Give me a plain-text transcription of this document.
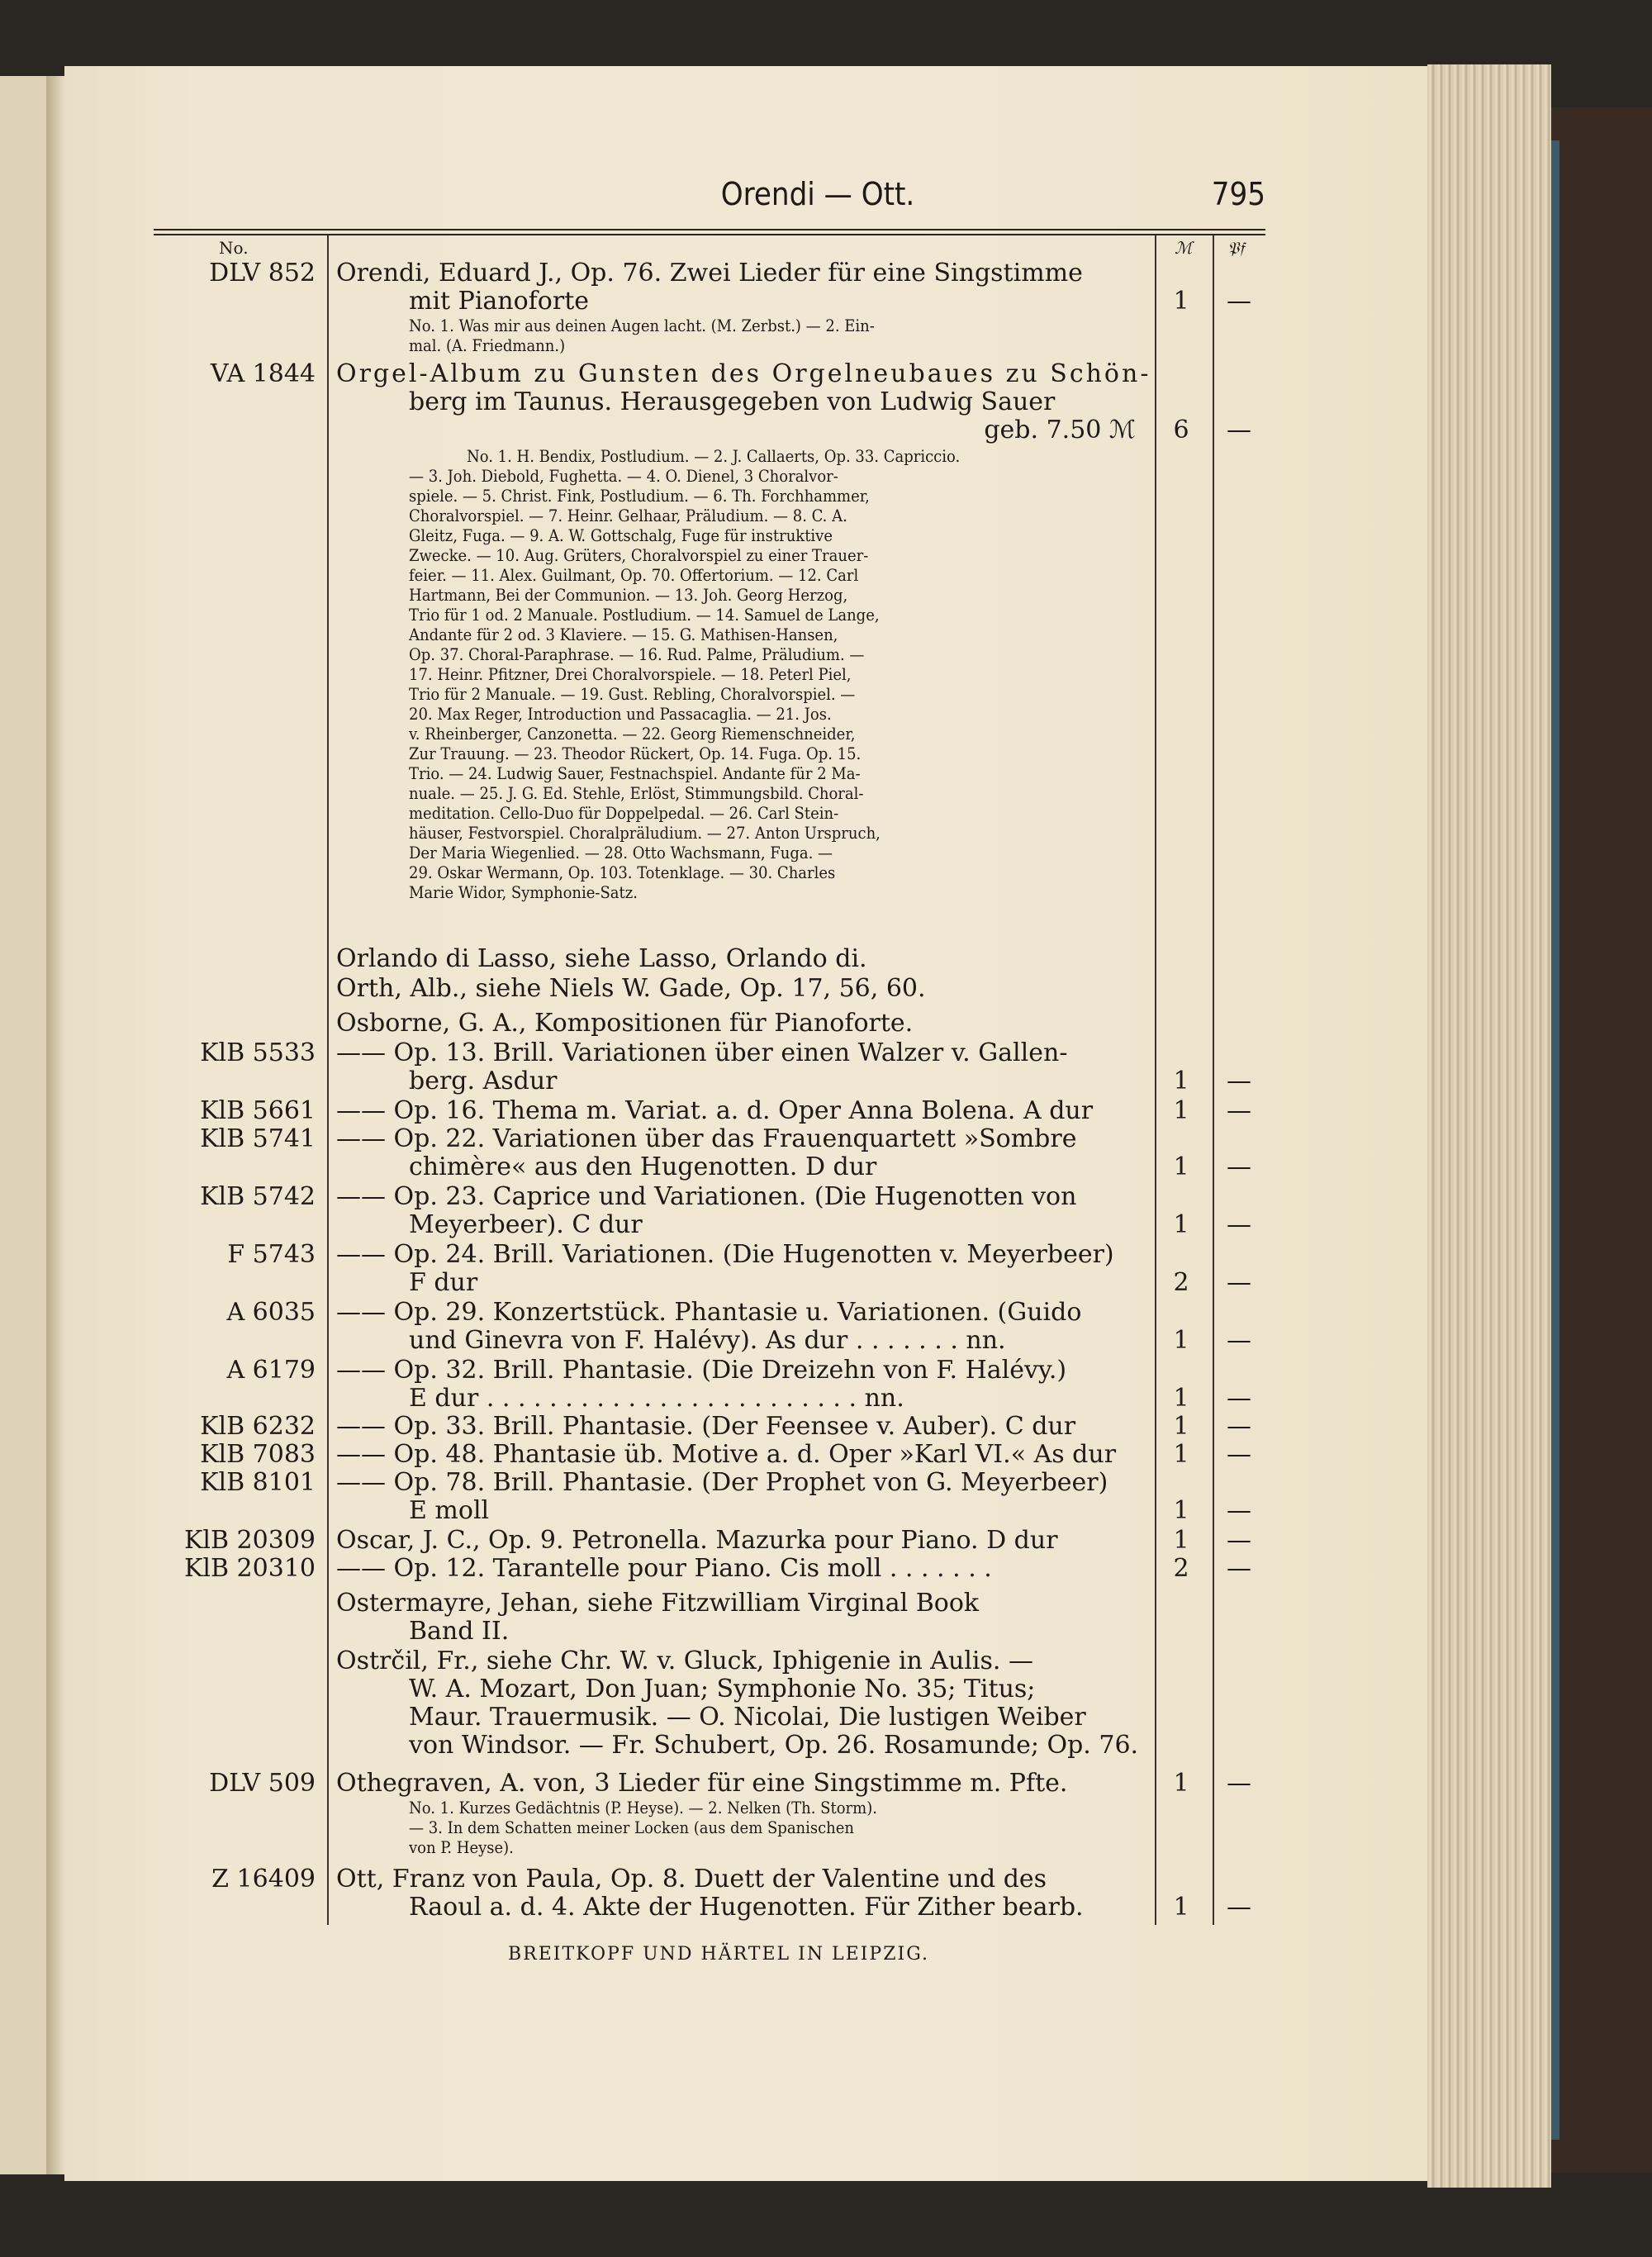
Orendi — Ott.	795
No.	ℳ 𝔓𝔣
DLV 852 Orendi, Eduard J., Op. 76. Zwei Lieder für eine Singstimme
mit Pianoforte
No. 1. Was mir aus deinen Augen lacht. (M. Zerbst.) — 2. Ein-
mal. (A. Friedmann.)
1	—
VA 1844 Orgel-Album zu Gunsten des Orgelneubaues zu Schön-
berg im Taunus. Herausgegeben von Ludwig Sauer
geb. 7.50 ℳ	6	—
No. 1. H. Bendix, Postludium. — 2. J. Callaerts, Op. 33. Capriccio.
— 3. Joh. Diebold, Fughetta. — 4. O. Dienel, 3 Choralvor-
spiele. — 5. Christ. Fink, Postludium. — 6. Th. Forchhammer,
Choralvorspiel. — 7. Heinr. Gelhaar, Präludium. — 8. C. A.
Gleitz, Fuga. — 9. A. W. Gottschalg, Fuge für instruktive
Zwecke. — 10. Aug. Grüters, Choralvorspiel zu einer Trauer-
feier. — 11. Alex. Guilmant, Op. 70. Offertorium. — 12. Carl
Hartmann, Bei der Communion. — 13. Joh. Georg Herzog,
Trio für 1 od. 2 Manuale. Postludium. — 14. Samuel de Lange,
Andante für 2 od. 3 Klaviere. — 15. G. Mathisen-Hansen,
Op. 37. Choral-Paraphrase. — 16. Rud. Palme, Präludium. —
17. Heinr. Pfitzner, Drei Choralvorspiele. — 18. Peterl Piel,
Trio für 2 Manuale. — 19. Gust. Rebling, Choralvorspiel. —
20. Max Reger, Introduction und Passacaglia. — 21. Jos.
v. Rheinberger, Canzonetta. — 22. Georg Riemenschneider,
Zur Trauung. — 23. Theodor Rückert, Op. 14. Fuga. Op. 15.
Trio. — 24. Ludwig Sauer, Festnachspiel. Andante für 2 Ma-
nuale. — 25. J. G. Ed. Stehle, Erlöst, Stimmungsbild. Choral-
meditation. Cello-Duo für Doppelpedal. — 26. Carl Stein-
häuser, Festvorspiel. Choralpräludium. — 27. Anton Urspruch,
Der Maria Wiegenlied. — 28. Otto Wachsmann, Fuga. —
29. Oskar Wermann, Op. 103. Totenklage. — 30. Charles
Marie Widor, Symphonie-Satz.
Orlando di Lasso, siehe Lasso, Orlando di.
Orth, Alb., siehe Niels W. Gade, Op. 17, 56, 60.
Osborne, G. A., Kompositionen für Pianoforte.
KlB 5533 —— Op. 13. Brill. Variationen über einen Walzer v. Gallen-
berg. Asdur	1	—
KlB 5661 —— Op. 16. Thema m. Variat. a. d. Oper Anna Bolena. A dur	1	—
KlB 5741 —— Op. 22. Variationen über das Frauenquartett »Sombre
chimère« aus den Hugenotten. D dur	1	—
KlB 5742 —— Op. 23. Caprice und Variationen. (Die Hugenotten von
Meyerbeer). C dur	1	—
F 5743 —— Op. 24. Brill. Variationen. (Die Hugenotten v. Meyerbeer)
F dur	2	—
A 6035 —— Op. 29. Konzertstück. Phantasie u. Variationen. (Guido
und Ginevra von F. Halévy). As dur . . . . . . . nn.	1	—
A 6179 —— Op. 32. Brill. Phantasie. (Die Dreizehn von F. Halévy.)
E dur . . . . . . . . . . . . . . . . . . . . . . . . nn.	1	—
KlB 6232 —— Op. 33. Brill. Phantasie. (Der Feensee v. Auber). C dur	1	—
KlB 7083 —— Op. 48. Phantasie üb. Motive a. d. Oper »Karl VI.« As dur	1	—
KlB 8101 —— Op. 78. Brill. Phantasie. (Der Prophet von G. Meyerbeer)
E moll	1	—
KlB 20309 Oscar, J. C., Op. 9. Petronella. Mazurka pour Piano. D dur	1	—
KlB 20310 —— Op. 12. Tarantelle pour Piano. Cis moll . . . . . . .	2	—
Ostermayre, Jehan, siehe Fitzwilliam Virginal Book
Band II.
Ostrčil, Fr., siehe Chr. W. v. Gluck, Iphigenie in Aulis. —
W. A. Mozart, Don Juan; Symphonie No. 35; Titus;
Maur. Trauermusik. — O. Nicolai, Die lustigen Weiber
von Windsor. — Fr. Schubert, Op. 26. Rosamunde; Op. 76.
DLV 509 Othegraven, A. von, 3 Lieder für eine Singstimme m. Pfte.
No. 1. Kurzes Gedächtnis (P. Heyse). — 2. Nelken (Th. Storm).
— 3. In dem Schatten meiner Locken (aus dem Spanischen
von P. Heyse).
1	—
Z 16409 Ott, Franz von Paula, Op. 8. Duett der Valentine und des
Raoul a. d. 4. Akte der Hugenotten. Für Zither bearb.	1	—
BREITKOPF UND HÄRTEL IN LEIPZIG.
